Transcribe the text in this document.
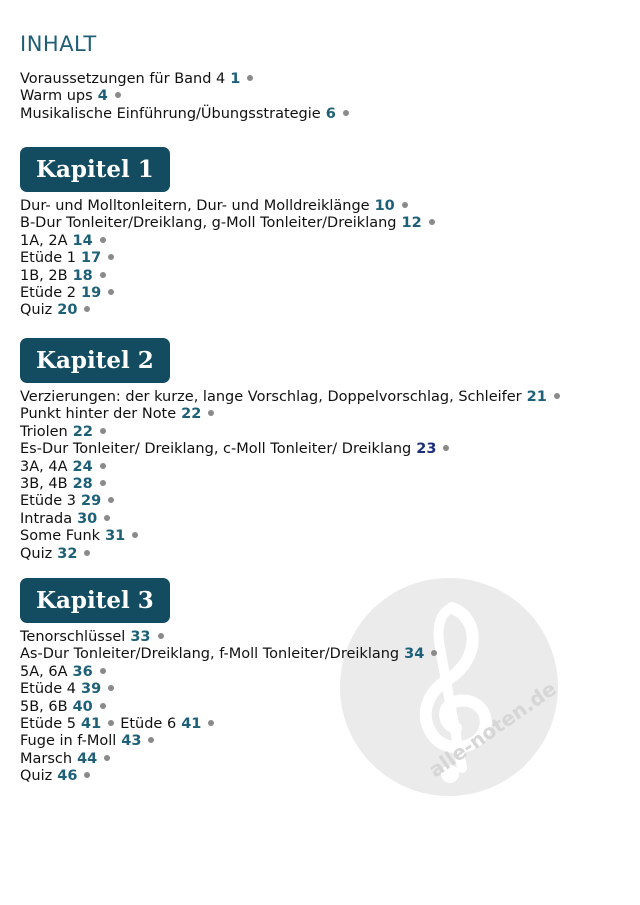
alle-noten.de
INHALT
Voraussetzungen für Band 4 1
Warm ups 4
Musikalische Einführung/Übungsstrategie 6
Kapitel 1
Dur- und Molltonleitern, Dur- und Molldreiklänge 10
B-Dur Tonleiter/Dreiklang, g-Moll Tonleiter/Dreiklang 12
1A, 2A 14
Etüde 1 17
1B, 2B 18
Etüde 2 19
Quiz 20
Kapitel 2
Verzierungen: der kurze, lange Vorschlag, Doppelvorschlag, Schleifer 21
Punkt hinter der Note 22
Triolen 22
Es-Dur Tonleiter/ Dreiklang, c-Moll Tonleiter/ Dreiklang 23
3A, 4A 24
3B, 4B 28
Etüde 3 29
Intrada 30
Some Funk 31
Quiz 32
Kapitel 3
Tenorschlüssel 33
As-Dur Tonleiter/Dreiklang, f-Moll Tonleiter/Dreiklang 34
5A, 6A 36
Etüde 4 39
5B, 6B 40
Etüde 5 41 Etüde 6 41
Fuge in f-Moll 43
Marsch 44
Quiz 46
